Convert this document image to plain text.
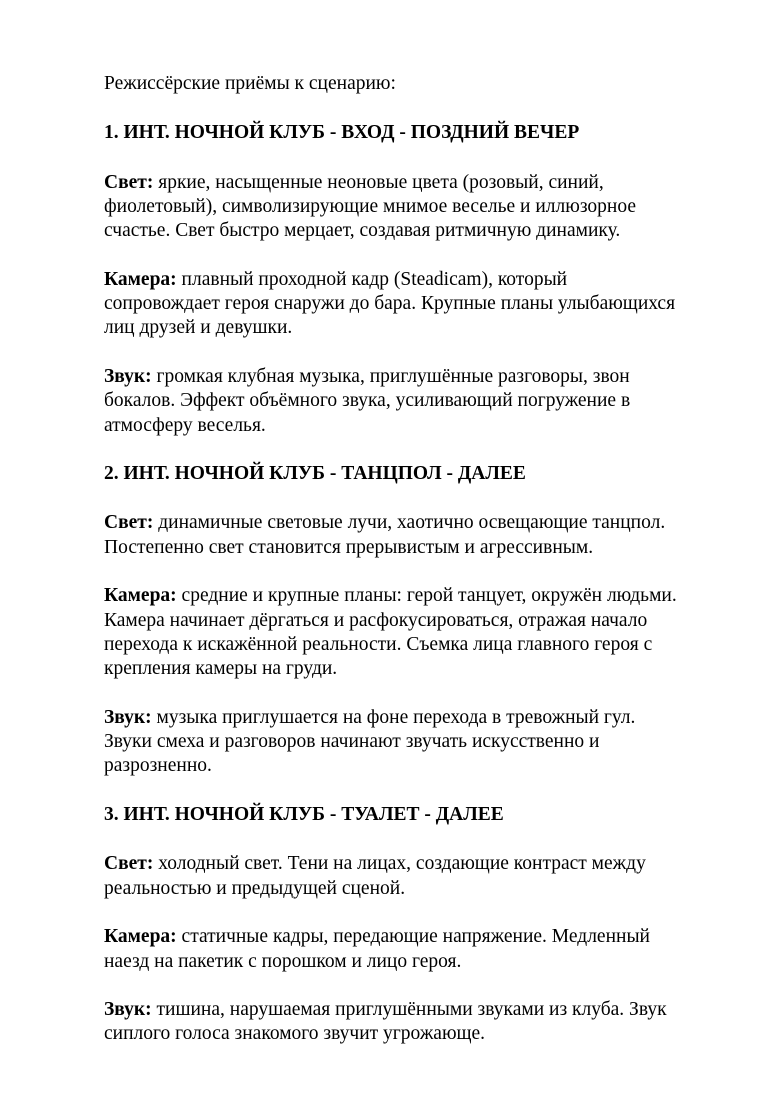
Режиссёрские приёмы к сценарию:

1. ИНТ. НОЧНОЙ КЛУБ - ВХОД - ПОЗДНИЙ ВЕЧЕР

Свет: яркие, насыщенные неоновые цвета (розовый, синий,
фиолетовый), символизирующие мнимое веселье и иллюзорное
счастье. Свет быстро мерцает, создавая ритмичную динамику.
Камера: плавный проходной кадр (Steadicam), который
сопровождает героя снаружи до бара. Крупные планы улыбающихся
лиц друзей и девушки.
Звук: громкая клубная музыка, приглушённые разговоры, звон
бокалов. Эффект объёмного звука, усиливающий погружение в
атмосферу веселья.

2. ИНТ. НОЧНОЙ КЛУБ - ТАНЦПОЛ - ДАЛЕЕ

Свет: динамичные световые лучи, хаотично освещающие танцпол.
Постепенно свет становится прерывистым и агрессивным.
Камера: средние и крупные планы: герой танцует, окружён людьми.
Камера начинает дёргаться и расфокусироваться, отражая начало
перехода к искажённой реальности. Съемка лица главного героя с
крепления камеры на груди.
Звук: музыка приглушается на фоне перехода в тревожный гул.
Звуки смеха и разговоров начинают звучать искусственно и
разрозненно.

3. ИНТ. НОЧНОЙ КЛУБ - ТУАЛЕТ - ДАЛЕЕ

Свет: холодный свет. Тени на лицах, создающие контраст между
реальностью и предыдущей сценой.
Камера: статичные кадры, передающие напряжение. Медленный
наезд на пакетик с порошком и лицо героя.
Звук: тишина, нарушаемая приглушёнными звуками из клуба. Звук
сиплого голоса знакомого звучит угрожающе.
